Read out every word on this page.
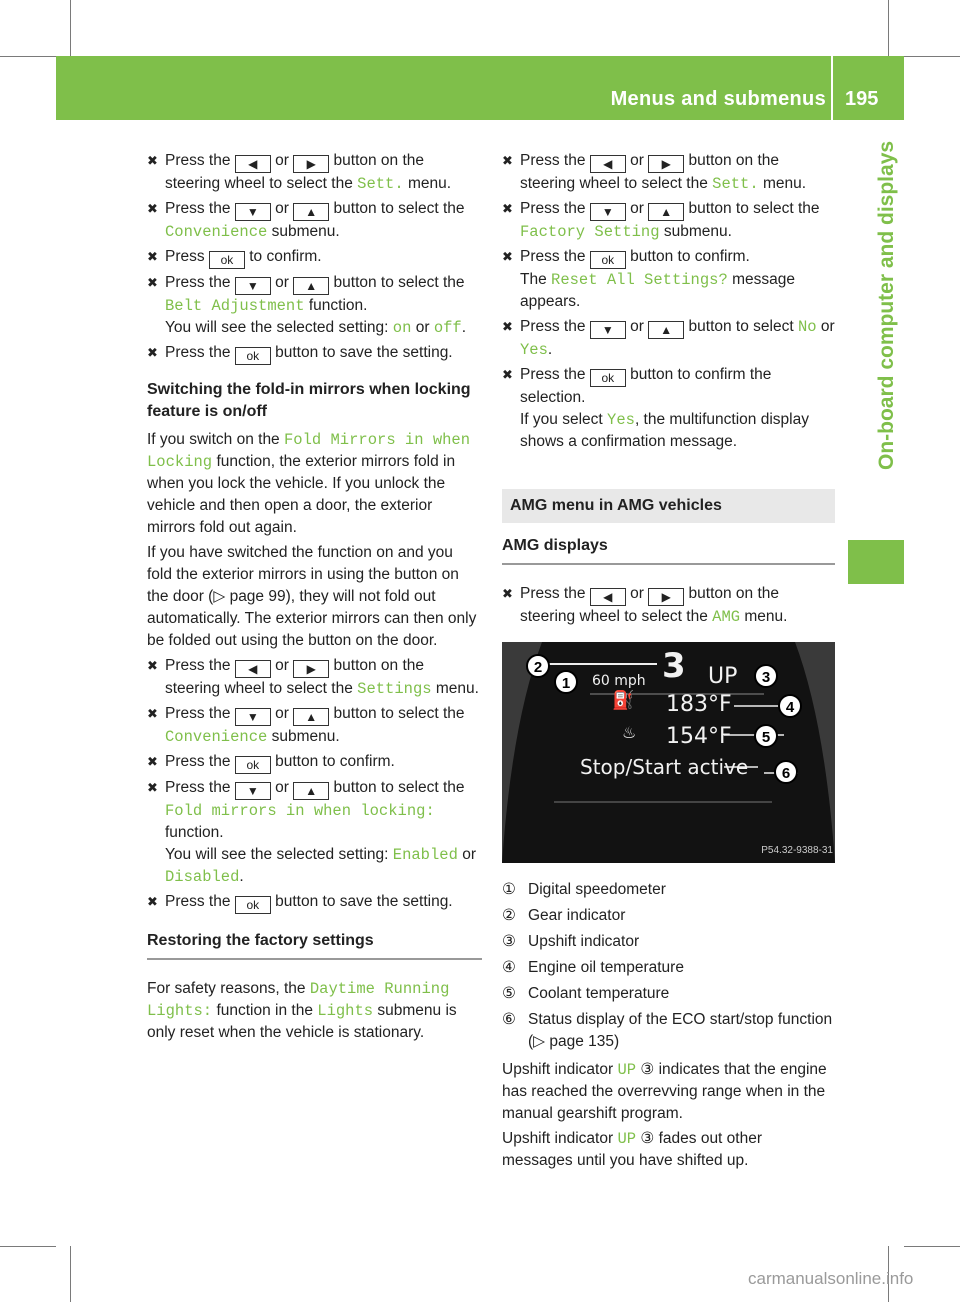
Menus and submenus 195
On-board computer and displays
✖ Press the ◀ or ▶ button on the steering wheel to select the Sett. menu.
✖ Press the ▼ or ▲ button to select the Convenience submenu.
✖ Press ok to confirm.
✖ Press the ▼ or ▲ button to select the Belt Adjustment function.
You will see the selected setting: on or off.
✖ Press the ok button to save the setting.
Switching the fold-in mirrors when locking feature is on/off
If you switch on the Fold Mirrors in when Locking function, the exterior mirrors fold in when you lock the vehicle. If you unlock the vehicle and then open a door, the exterior mirrors fold out again.
If you have switched the function on and you fold the exterior mirrors in using the button on the door (▷ page 99), they will not fold out automatically. The exterior mirrors can then only be folded out using the button on the door.
✖ Press the ◀ or ▶ button on the steering wheel to select the Settings menu.
✖ Press the ▼ or ▲ button to select the Convenience submenu.
✖ Press the ok button to confirm.
✖ Press the ▼ or ▲ button to select the Fold mirrors in when locking: function.
You will see the selected setting: Enabled or Disabled.
✖ Press the ok button to save the setting.
Restoring the factory settings
For safety reasons, the Daytime Running Lights: function in the Lights submenu is only reset when the vehicle is stationary.
✖ Press the ◀ or ▶ button on the steering wheel to select the Sett. menu.
✖ Press the ▼ or ▲ button to select the Factory Setting submenu.
✖ Press the ok button to confirm.
The Reset All Settings? message appears.
✖ Press the ▼ or ▲ button to select No or Yes.
✖ Press the ok button to confirm the selection.
If you select Yes, the multifunction display shows a confirmation message.
AMG menu in AMG vehicles
AMG displays
✖ Press the ◀ or ▶ button on the steering wheel to select the AMG menu.
60 mph 3 UP
⛽ 183°F
♨ 154°F
Stop/Start active
P54.32-9388-31
2
1	3
4
5
6
① Digital speedometer
② Gear indicator
③ Upshift indicator
④ Engine oil temperature
⑤ Coolant temperature
⑥ Status display of the ECO start/stop function (▷ page 135)
Upshift indicator UP ③ indicates that the engine has reached the overrevving range when in the manual gearshift program.
Upshift indicator UP ③ fades out other messages until you have shifted up.
carmanualsonline.info
